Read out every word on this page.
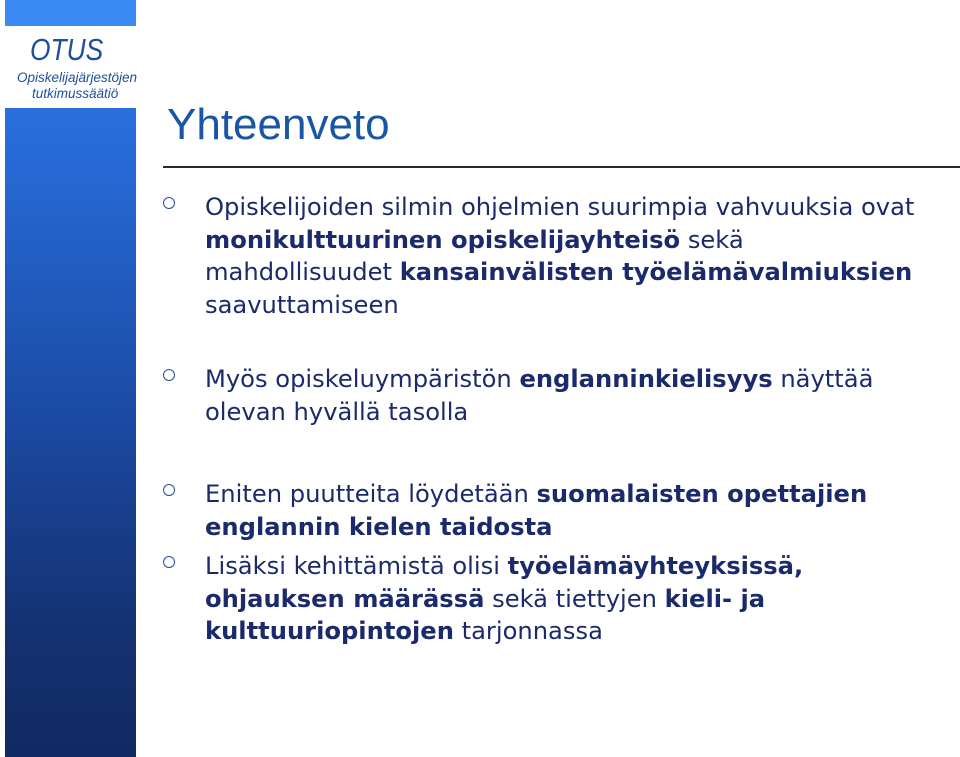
OTUS
Opiskelijajärjestöjen
tutkimussäätiö
Yhteenveto
Opiskelijoiden silmin ohjelmien suurimpia vahvuuksia ovat monikulttuurinen opiskelijayhteisö sekä mahdollisuudet kansainvälisten työelämävalmiuksien saavuttamiseen
Myös opiskeluympäristön englanninkielisyys näyttää olevan hyvällä tasolla
Eniten puutteita löydetään suomalaisten opettajien englannin kielen taidosta
Lisäksi kehittämistä olisi työelämäyhteyksissä, ohjauksen määrässä sekä tiettyjen kieli- ja kulttuuriopintojen tarjonnassa
